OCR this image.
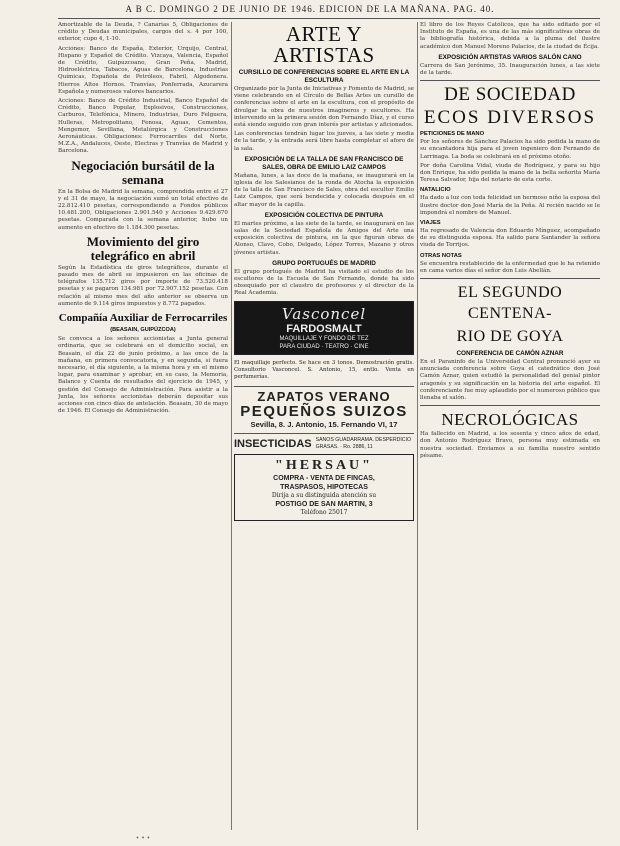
A B C. DOMINGO 2 DE JUNIO DE 1946. EDICION DE LA MAÑANA. PAG. 40.

Amortizable de la Deuda, ? Canarias 5, Obligaciones de crédito y Deudas municipales, cargos del s. 4 por 100, exterior, cupo 4, 1-10.

Acciones: Banco de España, Exterior, Urquijo, Central, Hispano y Español de Crédito. Vizcaya, Valencia, Español de Crédito, Guipuzcoano, Gran Peña, Madrid, Hidroeléctrica, Tabacos, Aguas de Barcelona, Industrias Químicas, Española de Petróleos, Fabril, Algodonera. Hierros Altos Hornos. Tranvías, Ponferrada, Azucarera Española y numerosos valores bancarios.

Acciones: Banco de Crédito Industrial, Banco Español de Crédito, Banco Popular, Explosivos, Construcciones, Carburos, Telefónica, Minero, Industrias, Duro Felguera, Hulleras, Metropolitano, Fenosa, Aguas, Cementos, Mengemor, Sevillana, Metalúrgica y Construcciones Aeronáuticas. Obligaciones: Ferrocarriles del Norte, M.Z.A., Andaluces, Oeste, Electras y Tranvías de Madrid y Barcelona.

Negociación bursátil de la semana

En la Bolsa de Madrid la semana, comprendida entre el 27 y el 31 de mayo, la negociación sumó un total efectivo de 22.812.410 pesetas, correspondiendo a Fondos públicos 10.481.200, Obligaciones 2.901.540 y Acciones 9.429.670 pesetas. Comparada con la semana anterior, hubo un aumento en efectivo de 1.184.300 pesetas.

Movimiento del giro telegráfico en abril

Según la Estadística de giros telegráficos, durante el pasado mes de abril se impusieron en las oficinas de telégrafos 135.712 giros por importe de 73.520.418 pesetas y se pagaron 134.981 por 72.907.152 pesetas. Con relación al mismo mes del año anterior se observa un aumento de 9.114 giros impuestos y 8.772 pagados.

Compañía Auxiliar de Ferrocarriles
(BEASAIN, GUIPÚZCOA)

Se convoca a los señores accionistas a Junta general ordinaria, que se celebrará en el domicilio social, en Beasain, el día 22 de junio próximo, a las once de la mañana, en primera convocatoria, y en segunda, si fuera necesario, el día siguiente, a la misma hora y en el mismo lugar, para examinar y aprobar, en su caso, la Memoria, Balance y Cuenta de resultados del ejercicio de 1945, y gestión del Consejo de Administración. Para asistir a la Junta, los señores accionistas deberán depositar sus acciones con cinco días de antelación. Beasain, 30 de mayo de 1946. El Consejo de Administración.

ARTE Y ARTISTAS
CURSILLO DE CONFERENCIAS SOBRE EL ARTE EN LA ESCULTURA

Organizado por la Junta de Iniciativas y Fomento de Madrid, se viene celebrando en el Círculo de Bellas Artes un cursillo de conferencias sobre el arte en la escultura, con el propósito de divulgar la obra de nuestros imagineros y escultores. Ha intervenido en la primera sesión don Fernando Díaz, y el curso está siendo seguido con gran interés por artistas y aficionados.

Las conferencias tendrán lugar los jueves, a las siete y media de la tarde, y la entrada será libre hasta completar el aforo de la sala.

EXPOSICIÓN DE LA TALLA DE SAN FRANCISCO DE SALES, OBRA DE EMILIO LAIZ CAMPOS

Mañana, lunes, a las doce de la mañana, se inaugurará en la iglesia de los Salesianos de la ronda de Atocha la exposición de la talla de San Francisco de Sales, obra del escultor Emilio Laiz Campos, que será bendecida y colocada después en el altar mayor de la capilla.

EXPOSICIÓN COLECTIVA DE PINTURA

El martes próximo, a las siete de la tarde, se inaugurará en las salas de la Sociedad Española de Amigos del Arte una exposición colectiva de pintura, en la que figuran obras de Alonso, Clavo, Cobo, Delgado, López Torres, Mazano y otros jóvenes artistas.

GRUPO PORTUGUÉS DE MADRID

El grupo portugués de Madrid ha visitado el estudio de los escultores de la Escuela de San Fernando, donde ha sido obsequiado por el claustro de profesores y el director de la Real Academia.

Vasconcel
FARDOSMALT
MAQUILLAJE Y FONDO DE TEZ
PARA CIUDAD · TEATRO · CINE

El maquillaje perfecto. Se hace en 3 tonos. Demostración gratis. Consultorio Vasconcel. S. Antonio, 15, entlo. Venta en perfumerías.

ZAPATOS VERANO
PEQUEÑOS SUIZOS
Sevilla, 8. J. Antonio, 15. Fernando VI, 17
INSECTICIDAS SANOS GUADARRAMA. DESPERDICIO GRASAS. · Ro. 2886, 11
"HERSAU"
COMPRA - VENTA DE FINCAS,
TRASPASOS, HIPOTECAS
Dirija a su distinguida atención su
POSTIGO DE SAN MARTIN, 3
Teléfono 25017

El libro de los Reyes Católicos, que ha sido editado por el Instituto de España, es una de las más significativas obras de la bibliografía histórica, debida a la pluma del ilustre académico don Manuel Moreno Palacios, de la ciudad de Écija.

EXPOSICIÓN ARTISTAS VARIOS SALÓN CANO

Carrera de San Jerónimo, 35. Inauguración lunes, a las siete de la tarde.

DE SOCIEDAD
ECOS DIVERSOS
PETICIONES DE MANO

Por los señores de Sánchez Palacios ha sido pedida la mano de su encantadora hija para el joven ingeniero don Fernando de Larrinaga. La boda se celebrará en el próximo otoño.

Por doña Carolina Vidal, viuda de Rodríguez, y para su hijo don Enrique, ha sido pedida la mano de la bella señorita María Teresa Salvador, hija del notario de esta corte.

NATALICIO

Ha dado a luz con toda felicidad un hermoso niño la esposa del ilustre doctor don José María de la Peña. Al recién nacido se le impondrá el nombre de Manuel.

VIAJES

Ha regresado de Valencia don Eduardo Mínguez, acompañado de su distinguida esposa. Ha salido para Santander la señora viuda de Torrijos.

OTRAS NOTAS

Se encuentra restablecido de la enfermedad que le ha retenido en cama varios días el señor don Luis Abellán.

EL SEGUNDO CENTENA-
RIO DE GOYA
CONFERENCIA DE CAMÓN AZNAR

En el Paraninfo de la Universidad Central pronunció ayer su anunciada conferencia sobre Goya el catedrático don José Camón Aznar, quien estudió la personalidad del genial pintor aragonés y su significación en la historia del arte español. El conferenciante fue muy aplaudido por el numeroso público que llenaba el salón.

NECROLÓGICAS

Ha fallecido en Madrid, a los sesenta y cinco años de edad, don Antonio Rodríguez Bravo, persona muy estimada en nuestra sociedad. Enviamos a su familia nuestro sentido pésame.

• • •
